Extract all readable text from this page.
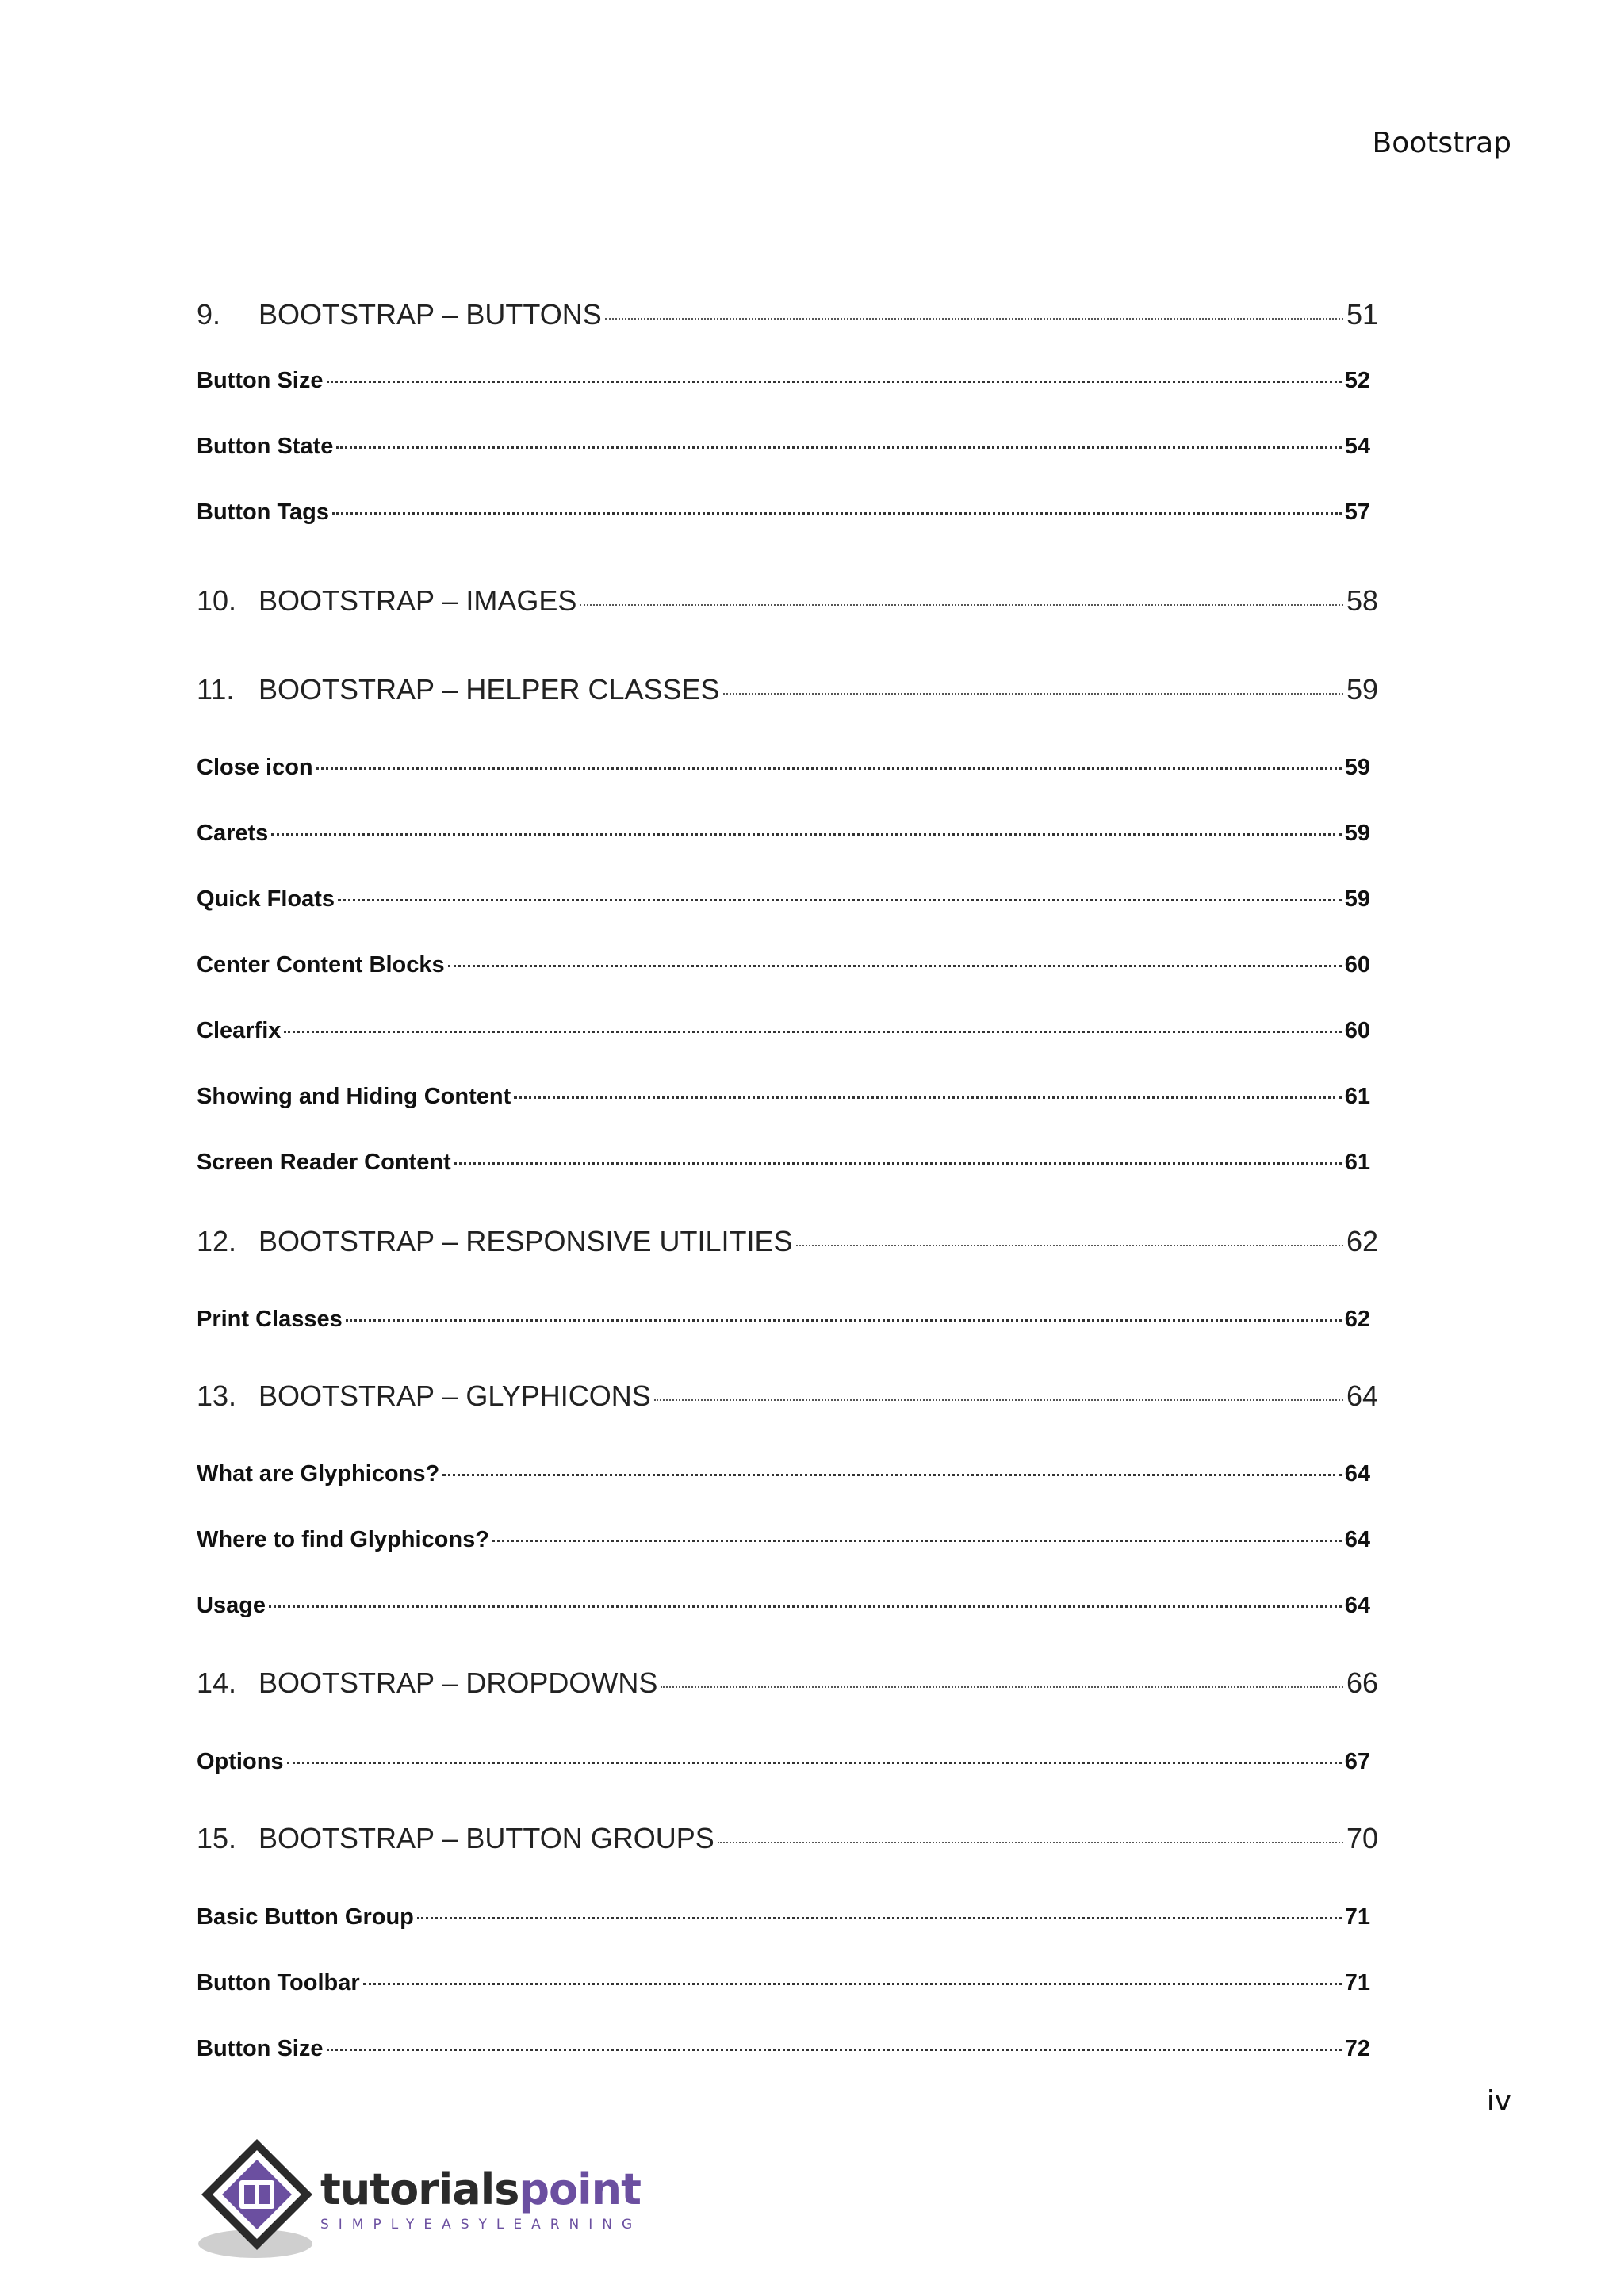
Bootstrap
9.	BOOTSTRAP – BUTTONS	51
Button Size	52
Button State	54
Button Tags	57
10. BOOTSTRAP – IMAGES	58
11. BOOTSTRAP – HELPER CLASSES	59
Close icon	59
Carets	59
Quick Floats	59
Center Content Blocks	60
Clearfix	60
Showing and Hiding Content	61
Screen Reader Content	61
12. BOOTSTRAP – RESPONSIVE UTILITIES	62
Print Classes	62
13. BOOTSTRAP – GLYPHICONS	64
What are Glyphicons?	64
Where to find Glyphicons?	64
Usage	64
14. BOOTSTRAP – DROPDOWNS	66
Options	67
15. BOOTSTRAP – BUTTON GROUPS	70
Basic Button Group	71
Button Toolbar	71
Button Size	72
iv
tutorialspoint
SIMPLYEASYLEARNING
